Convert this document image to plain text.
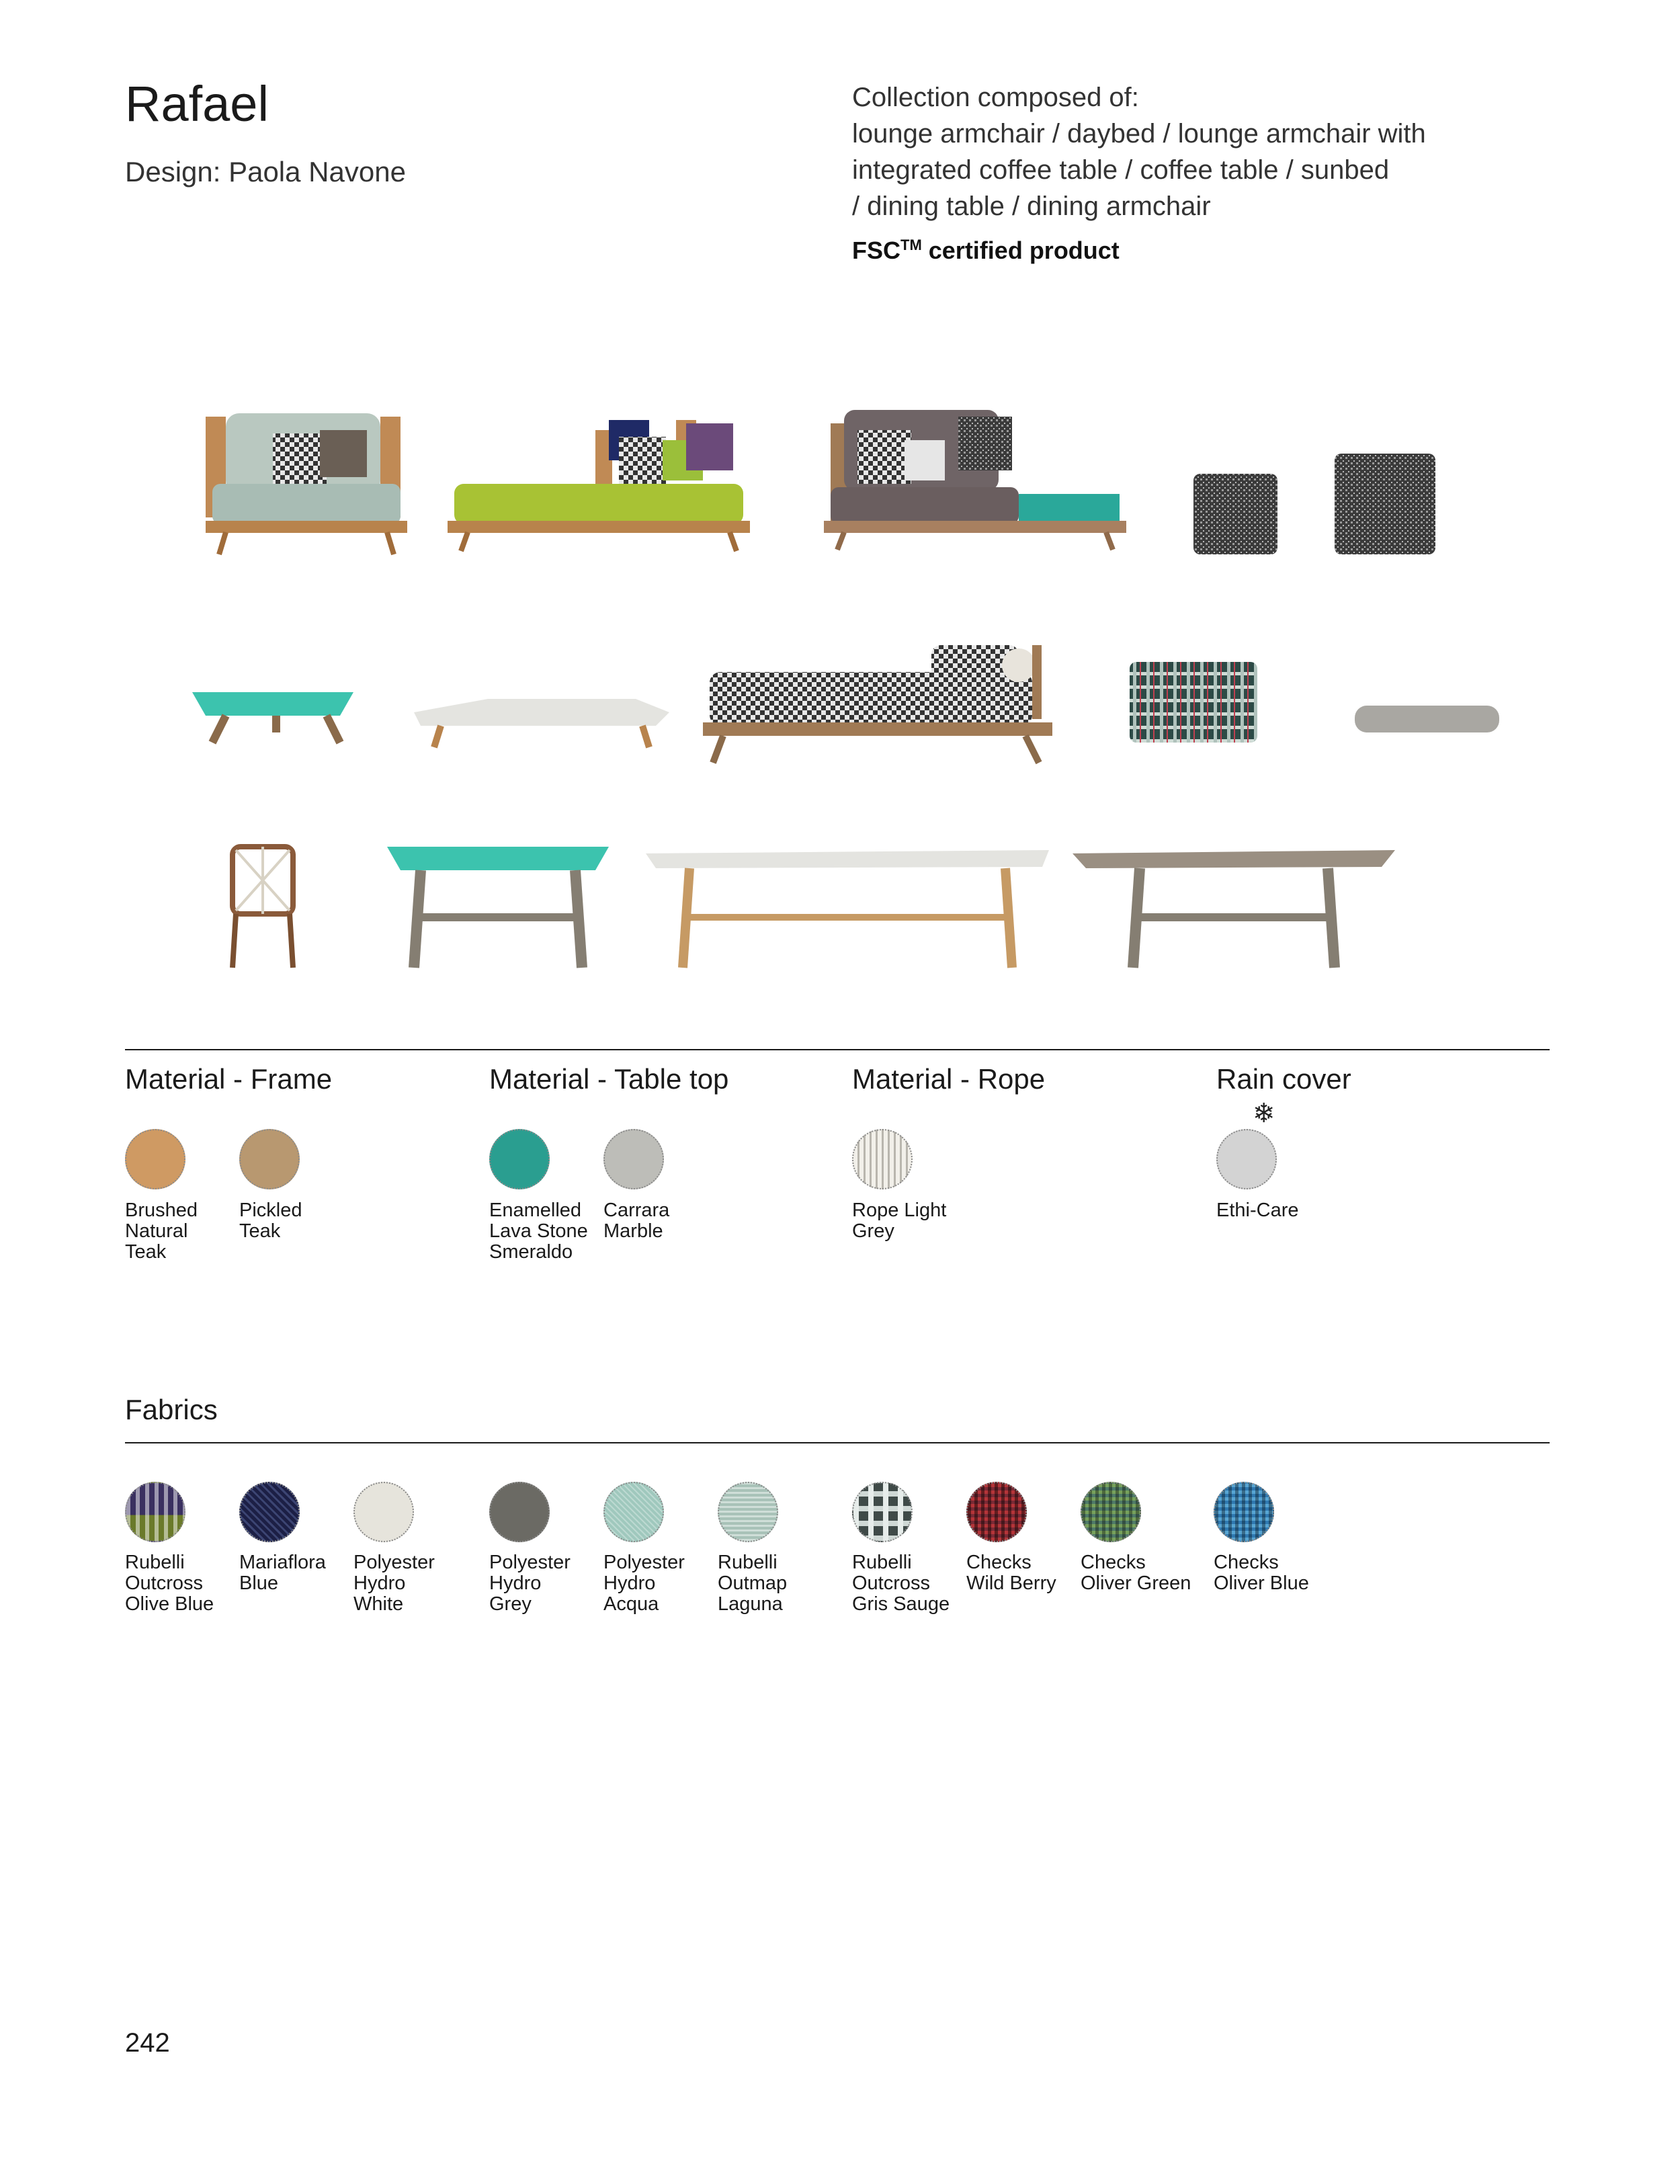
Rafael
Design: Paola Navone
Collection composed of:
lounge armchair / daybed / lounge armchair with
integrated coffee table / coffee table / sunbed
/ dining table / dining armchair
FSC™ certified product
Material - Frame	Material - Table top	Material - Rope	Rain cover
❄
Brushed
Natural
Teak
Pickled
Teak
Enamelled
Lava Stone
Smeraldo
Carrara
Marble
Rope Light
Grey
Ethi-Care
Fabrics
Rubelli
Outcross
Olive Blue
Mariaflora
Blue
Polyester
Hydro
White
Polyester
Hydro
Grey
Polyester
Hydro
Acqua
Rubelli
Outmap
Laguna
Rubelli
Outcross
Gris Sauge
Checks
Wild Berry
Checks
Oliver Green
Checks
Oliver Blue
242
